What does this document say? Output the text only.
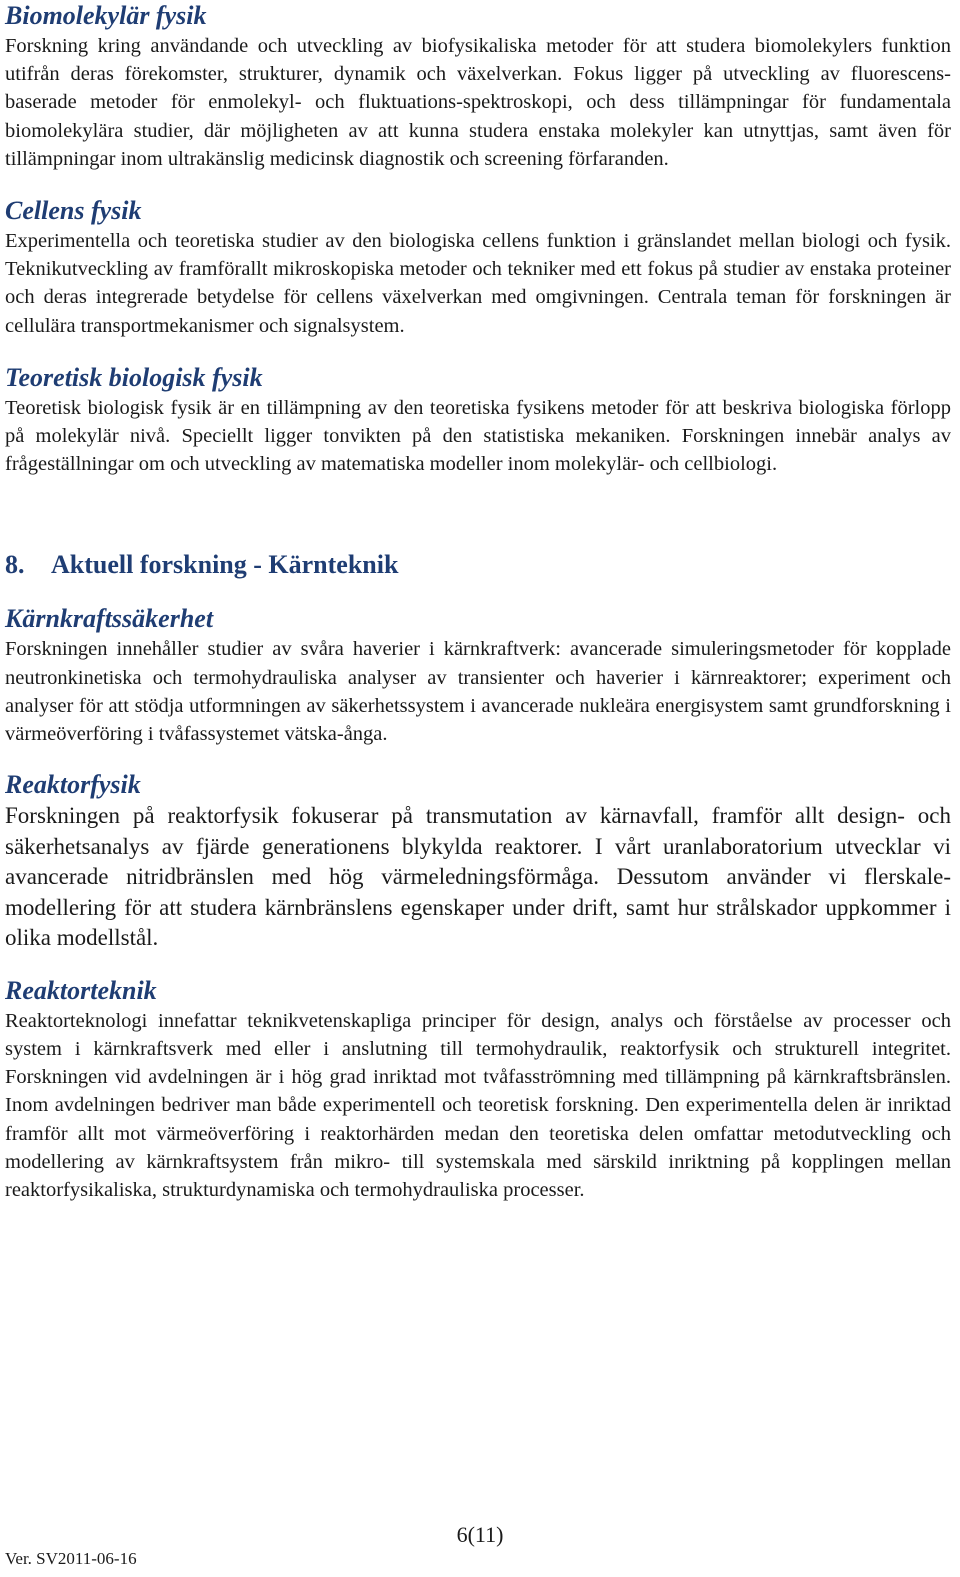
Biomolekylär fysik

Forskning kring användande och utveckling av biofysikaliska metoder för att studera biomolekylers funktion utifrån deras förekomster, strukturer, dynamik och växelverkan. Fokus ligger på utveckling av fluorescens-baserade metoder för enmolekyl- och fluktuations-spektroskopi, och dess tillämpningar för fundamentala biomolekylära studier, där möjligheten av att kunna studera enstaka molekyler kan utnyttjas, samt även för tillämpningar inom ultrakänslig medicinsk diagnostik och screening förfaranden.

Cellens fysik

Experimentella och teoretiska studier av den biologiska cellens funktion i gränslandet mellan biologi och fysik. Teknikutveckling av framförallt mikroskopiska metoder och tekniker med ett fokus på studier av enstaka proteiner och deras integrerade betydelse för cellens växelverkan med omgivningen. Centrala teman för forskningen är cellulära transportmekanismer och signalsystem.

Teoretisk biologisk fysik

Teoretisk biologisk fysik är en tillämpning av den teoretiska fysikens metoder för att beskriva biologiska förlopp på molekylär nivå. Speciellt ligger tonvikten på den statistiska mekaniken. Forskningen innebär analys av frågeställningar om och utveckling av matematiska modeller inom molekylär- och cellbiologi.

8.	Aktuell forskning - Kärnteknik
Kärnkraftssäkerhet

Forskningen innehåller studier av svåra haverier i kärnkraftverk: avancerade simuleringsmetoder för kopplade neutronkinetiska och termohydrauliska analyser av transienter och haverier i kärnreaktorer; experiment och analyser för att stödja utformningen av säkerhetssystem i avancerade nukleära energisystem samt grundforskning i värmeöverföring i tvåfassystemet vätska-ånga.

Reaktorfysik

Forskningen på reaktorfysik fokuserar på transmutation av kärnavfall, framför allt design- och säkerhetsanalys av fjärde generationens blykylda reaktorer. I vårt uranlaboratorium utvecklar vi avancerade nitridbränslen med hög värmeledningsförmåga. Dessutom använder vi flerskale-modellering för att studera kärnbränslens egenskaper under drift, samt hur strålskador uppkommer i olika modellstål.

Reaktorteknik

Reaktorteknologi innefattar teknikvetenskapliga principer för design, analys och förståelse av processer och system i kärnkraftsverk med eller i anslutning till termohydraulik, reaktorfysik och strukturell integritet. Forskningen vid avdelningen är i hög grad inriktad mot tvåfasströmning med tillämpning på kärnkraftsbränslen. Inom avdelningen bedriver man både experimentell och teoretisk forskning. Den experimentella delen är inriktad framför allt mot värmeöverföring i reaktorhärden medan den teoretiska delen omfattar metodutveckling och modellering av kärnkraftsystem från mikro- till systemskala med särskild inriktning på kopplingen mellan reaktorfysikaliska, strukturdynamiska och termohydrauliska processer.

6(11)
Ver. SV2011-06-16
